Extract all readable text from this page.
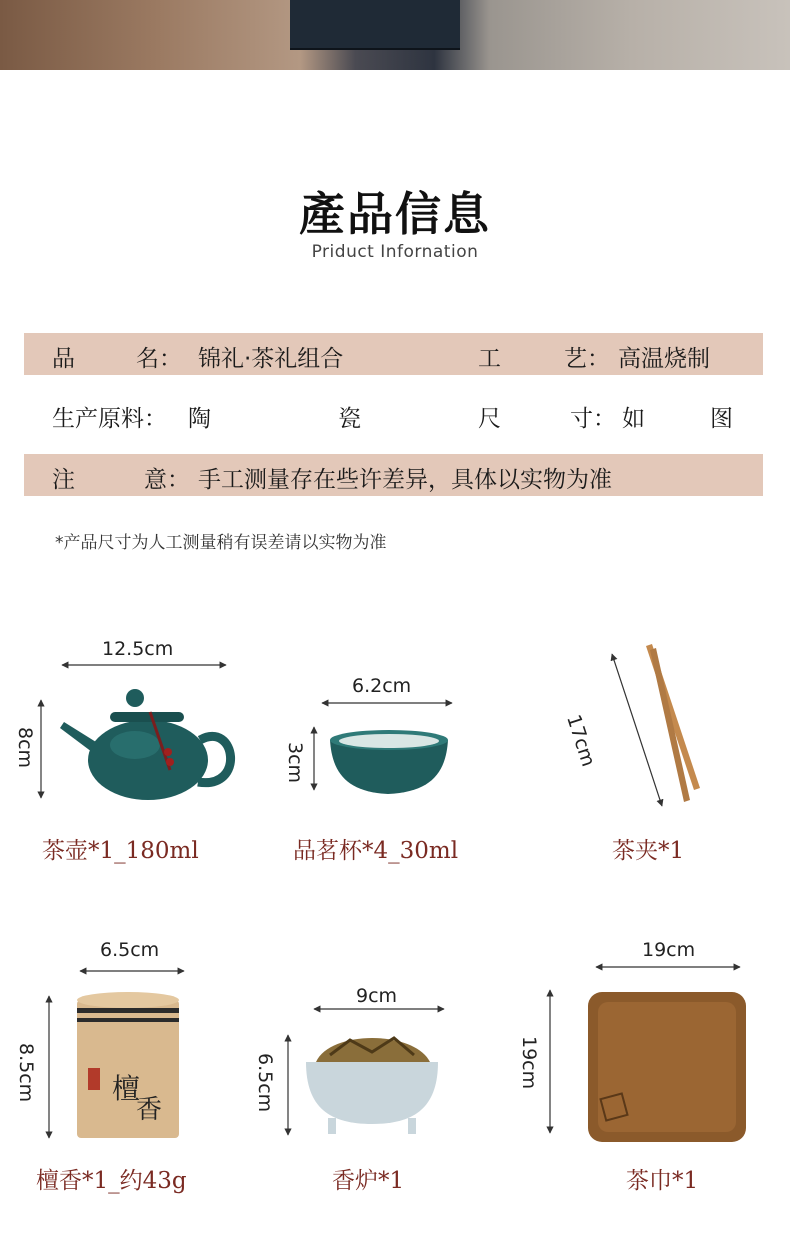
產品信息
Priduct Infornation
品	名： 锦礼·茶礼组合	工	艺： 高温烧制
生产原料： 陶	瓷	尺	寸： 如	图
注	意： 手工测量存在些许差异，具体以实物为准
*产品尺寸为人工测量稍有误差请以实物为准
檀
香
12.5cm
8cm
6.2cm
3cm	17cm
6.5cm
8.5cm
9cm
6.5cm
19cm
19cm
茶壶*1_180ml	品茗杯*4_30ml	茶夹*1
檀香*1_约43g	香炉*1	茶巾*1
